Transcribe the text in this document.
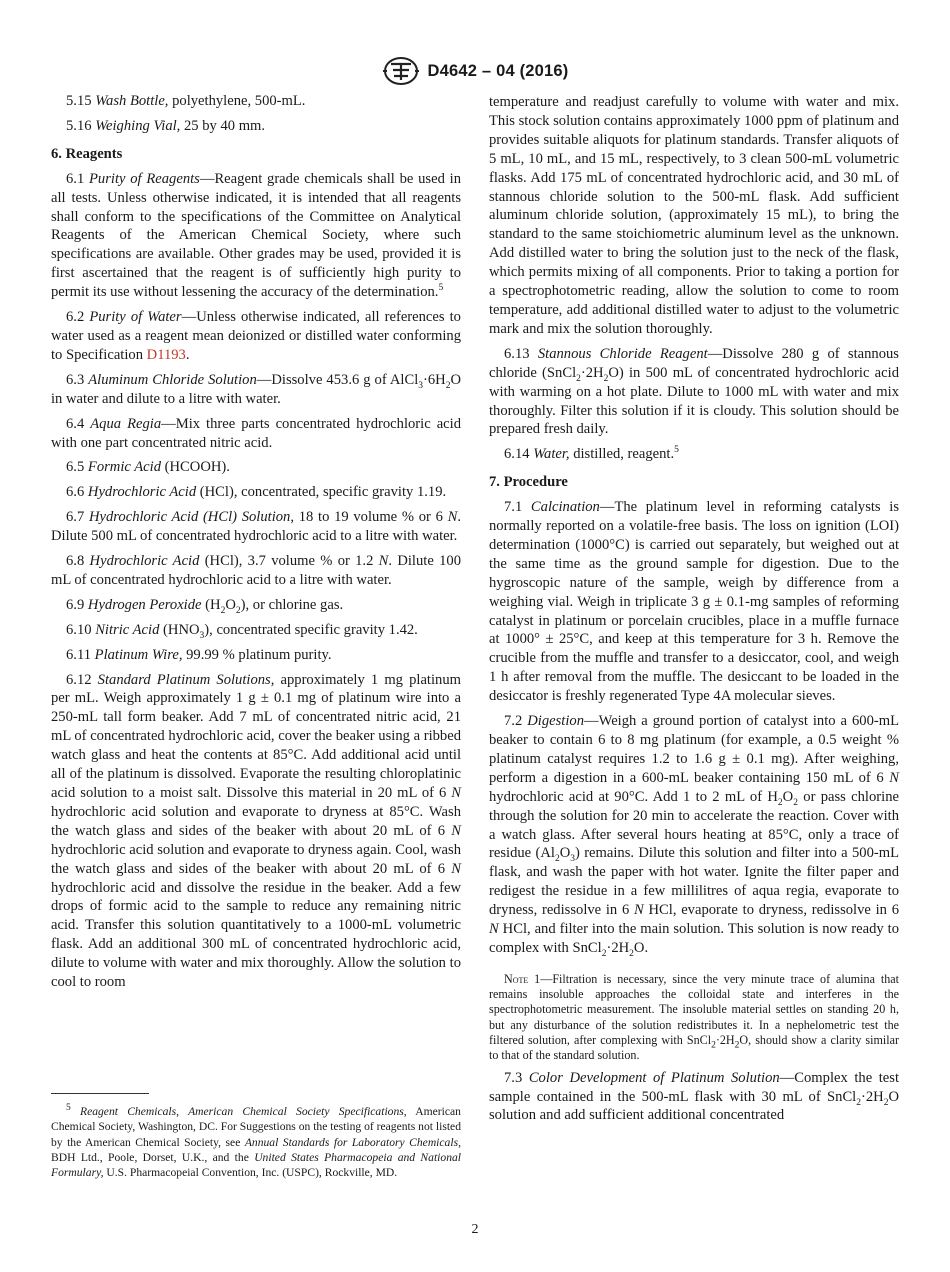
D4642 – 04 (2016)

5.15 Wash Bottle, polyethylene, 500-mL.

5.16 Weighing Vial, 25 by 40 mm.

6. Reagents

6.1 Purity of Reagents—Reagent grade chemicals shall be used in all tests. Unless otherwise indicated, it is intended that all reagents shall conform to the specifications of the Committee on Analytical Reagents of the American Chemical Society, where such specifications are available. Other grades may be used, provided it is first ascertained that the reagent is of sufficiently high purity to permit its use without lessening the accuracy of the determination.$^5$

6.2 Purity of Water—Unless otherwise indicated, all references to water used as a reagent mean deionized or distilled water conforming to Specification D1193.

6.3 Aluminum Chloride Solution—Dissolve 453.6 g of $AlCl_3\cdot 6H_2O$ in water and dilute to a litre with water.

6.4 Aqua Regia—Mix three parts concentrated hydrochloric acid with one part concentrated nitric acid.

6.5 Formic Acid (HCOOH).

6.6 Hydrochloric Acid (HCl), concentrated, specific gravity 1.19.

6.7 Hydrochloric Acid (HCl) Solution, 18 to 19 volume % or 6 N. Dilute 500 mL of concentrated hydrochloric acid to a litre with water.

6.8 Hydrochloric Acid (HCl), 3.7 volume % or 1.2 N. Dilute 100 mL of concentrated hydrochloric acid to a litre with water.

6.9 Hydrogen Peroxide $(H_2O_2)$, or chlorine gas.

6.10 Nitric Acid $(HNO_3)$, concentrated specific gravity 1.42.

6.11 Platinum Wire, 99.99 % platinum purity.

6.12 Standard Platinum Solutions, approximately 1 mg platinum per mL. Weigh approximately 1 g ± 0.1 mg of platinum wire into a 250-mL tall form beaker. Add 7 mL of concentrated nitric acid, 21 mL of concentrated hydrochloric acid, cover the beaker using a ribbed watch glass and heat the contents at 85°C. Add additional acid until all of the platinum is dissolved. Evaporate the resulting chloroplatinic acid solution to a moist salt. Dissolve this material in 20 mL of 6 N hydrochloric acid solution and evaporate to dryness at 85°C. Wash the watch glass and sides of the beaker with about 20 mL of 6 N hydrochloric acid solution and evaporate to dryness again. Cool, wash the watch glass and sides of the beaker with about 20 mL of 6 N hydrochloric acid and dissolve the residue in the beaker. Add a few drops of formic acid to the sample to reduce any remaining nitric acid. Transfer this solution quantitatively to a 1000-mL volumetric flask. Add an additional 300 mL of concentrated hydrochloric acid, dilute to volume with water and mix thoroughly. Allow the solution to cool to room

$^5$ Reagent Chemicals, American Chemical Society Specifications, American Chemical Society, Washington, DC. For Suggestions on the testing of reagents not listed by the American Chemical Society, see Annual Standards for Laboratory Chemicals, BDH Ltd., Poole, Dorset, U.K., and the United States Pharmacopeia and National Formulary, U.S. Pharmacopeial Convention, Inc. (USPC), Rockville, MD.

temperature and readjust carefully to volume with water and mix. This stock solution contains approximately 1000 ppm of platinum and provides suitable aliquots for platinum standards. Transfer aliquots of 5 mL, 10 mL, and 15 mL, respectively, to 3 clean 500-mL volumetric flasks. Add 175 mL of concentrated hydrochloric acid, and 30 mL of stannous chloride solution to the 500-mL flask. Add sufficient aluminum chloride solution, (approximately 15 mL), to bring the standard to the same stoichiometric aluminum level as the unknown. Add distilled water to bring the solution just to the neck of the flask, which permits mixing of all components. Prior to taking a portion for a spectrophotometric reading, allow the solution to come to room temperature, add additional distilled water to adjust to the volumetric mark and mix the solution thoroughly.

6.13 Stannous Chloride Reagent—Dissolve 280 g of stannous chloride $(SnCl_2\cdot 2H_2O)$ in 500 mL of concentrated hydrochloric acid with warming on a hot plate. Dilute to 1000 mL with water and mix thoroughly. Filter this solution if it is cloudy. This solution should be prepared fresh daily.

6.14 Water, distilled, reagent.$^5$

7. Procedure

7.1 Calcination—The platinum level in reforming catalysts is normally reported on a volatile-free basis. The loss on ignition (LOI) determination (1000°C) is carried out separately, but weighed out at the same time as the ground sample for digestion. Due to the hygroscopic nature of the sample, weigh by difference from a weighing vial. Weigh in triplicate 3 g ± 0.1-mg samples of reforming catalyst in platinum or porcelain crucibles, place in a muffle furnace at 1000° ± 25°C, and keep at this temperature for 3 h. Remove the crucible from the muffle and transfer to a desiccator, cool, and weigh 1 h after removal from the muffle. The desiccant to be loaded in the desiccator is freshly regenerated Type 4A molecular sieves.

7.2 Digestion—Weigh a ground portion of catalyst into a 600-mL beaker to contain 6 to 8 mg platinum (for example, a 0.5 weight % platinum catalyst requires 1.2 to 1.6 g ± 0.1 mg). After weighing, perform a digestion in a 600-mL beaker containing 150 mL of 6 N hydrochloric acid at 90°C. Add 1 to 2 mL of $H_2O_2$ or pass chlorine through the solution for 20 min to accelerate the reaction. Cover with a watch glass. After several hours heating at 85°C, only a trace of residue $(Al_2O_3)$ remains. Dilute this solution and filter into a 500-mL flask, and wash the paper with hot water. Ignite the filter paper and redigest the residue in a few millilitres of aqua regia, evaporate to dryness, redissolve in 6 N HCl, evaporate to dryness, redissolve in 6 N HCl, and filter into the main solution. This solution is now ready to complex with $SnCl_2\cdot 2H_2O$.

Note 1—Filtration is necessary, since the very minute trace of alumina that remains insoluble approaches the colloidal state and interferes in the spectrophotometric measurement. The insoluble material settles on standing 20 h, but any disturbance of the solution redistributes it. In a nephelometric test the filtered solution, after complexing with $SnCl_2\cdot 2H_2O$, should show a clarity similar to that of the standard solution.

7.3 Color Development of Platinum Solution—Complex the test sample contained in the 500-mL flask with 30 mL of $SnCl_2\cdot 2H_2O$ solution and add sufficient additional concentrated

2
